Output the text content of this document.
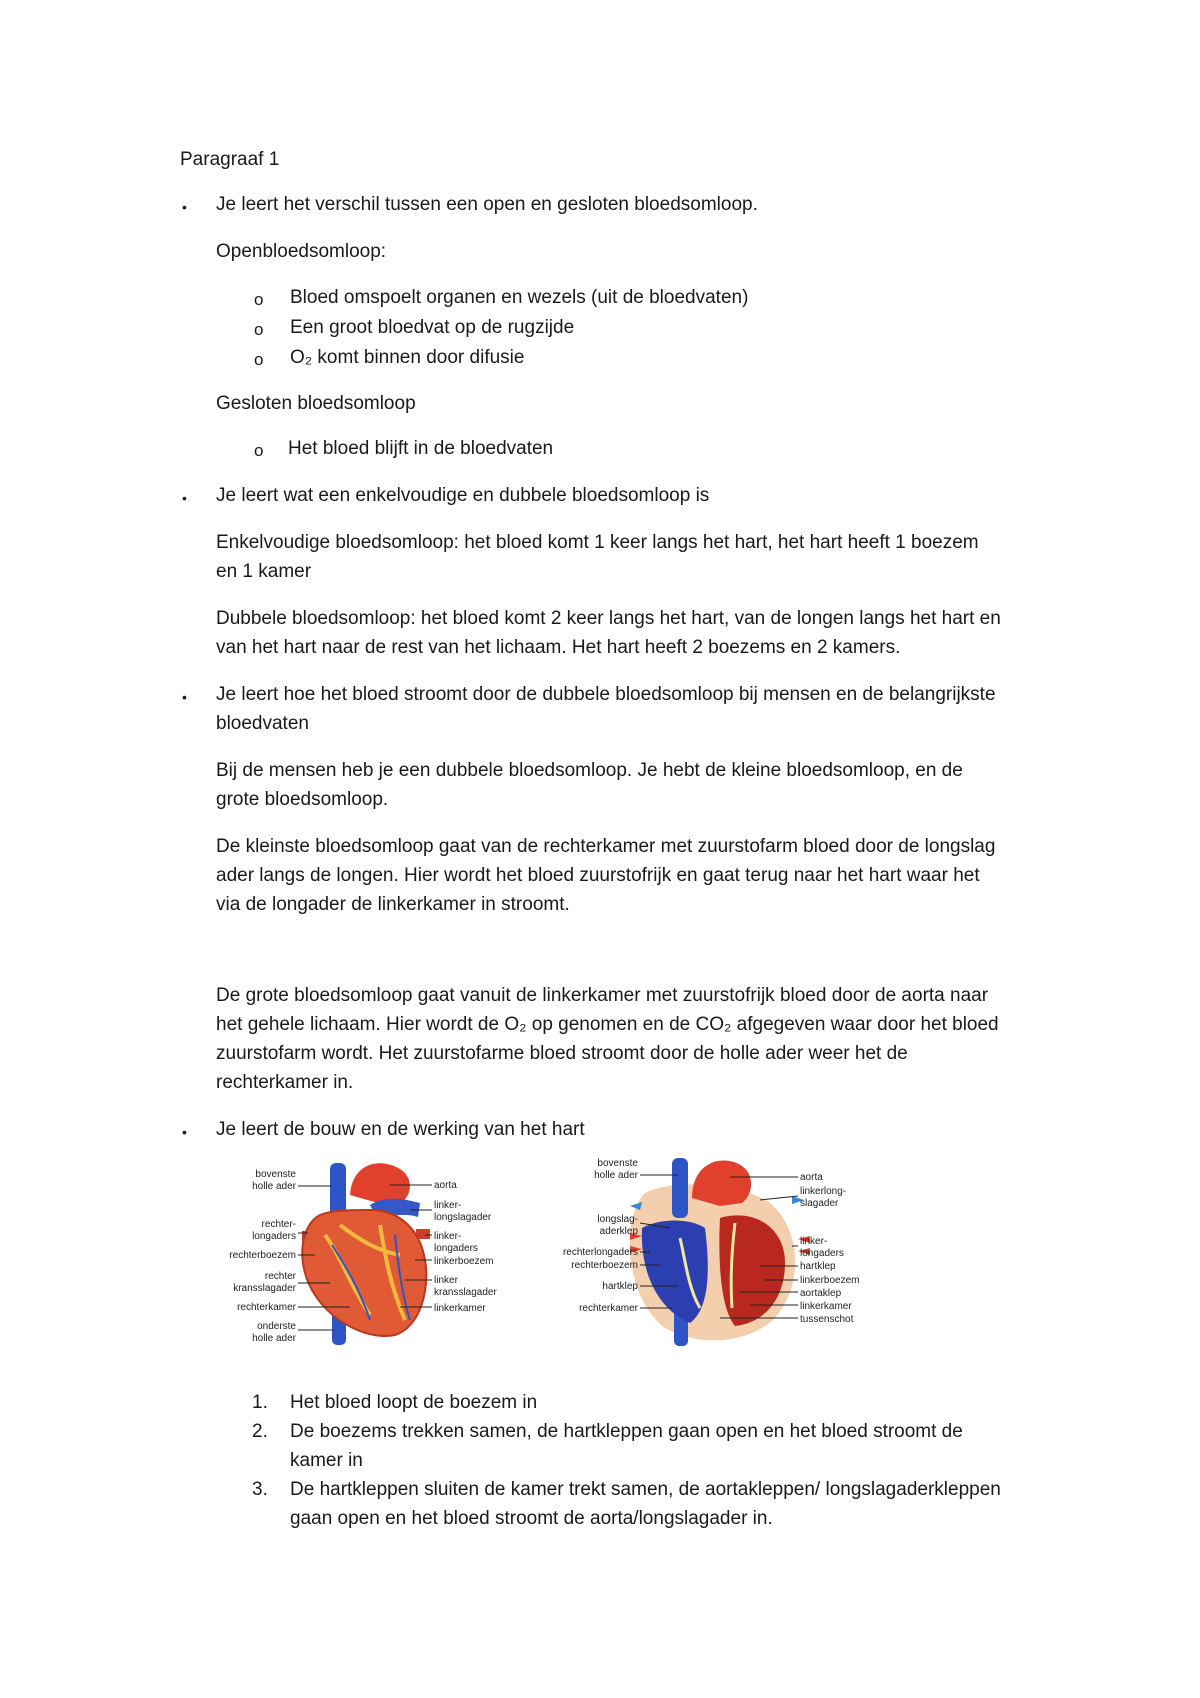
Paragraaf 1
• Je leert het verschil tussen een open en gesloten bloedsomloop.
Openbloedsomloop:
o Bloed omspoelt organen en wezels (uit de bloedvaten)
o Een groot bloedvat op de rugzijde
o O₂ komt binnen door difusie
Gesloten bloedsomloop
o Het bloed blijft in de bloedvaten
• Je leert wat een enkelvoudige en dubbele bloedsomloop is
Enkelvoudige bloedsomloop: het bloed komt 1 keer langs het hart, het hart heeft 1 boezem
en 1 kamer
Dubbele bloedsomloop: het bloed komt 2 keer langs het hart, van de longen langs het hart en
van het hart naar de rest van het lichaam. Het hart heeft 2 boezems en 2 kamers.
• Je leert hoe het bloed stroomt door de dubbele bloedsomloop bij mensen en de belangrijkste
bloedvaten
Bij de mensen heb je een dubbele bloedsomloop. Je hebt de kleine bloedsomloop, en de
grote bloedsomloop.
De kleinste bloedsomloop gaat van de rechterkamer met zuurstofarm bloed door de longslag
ader langs de longen. Hier wordt het bloed zuurstofrijk en gaat terug naar het hart waar het
via de longader de linkerkamer in stroomt.
De grote bloedsomloop gaat vanuit de linkerkamer met zuurstofrijk bloed door de aorta naar
het gehele lichaam. Hier wordt de O₂ op genomen en de CO₂ afgegeven waar door het bloed
zuurstofarm wordt. Het zuurstofarme bloed stroomt door de holle ader weer het de
rechterkamer in.
• Je leert de bouw en de werking van het hart
bovenste
holle ader
rechter-
longaders
rechterboezem
rechter
kransslagader
rechterkamer
onderste
holle ader
aorta
linker-
longslagader
linker-
longaders
linkerboezem
linker
kransslagader
linkerkamer
bovenste
holle ader
longslag-
aderklep
rechterlongaders
rechterboezem
hartklep
rechterkamer
aorta
linkerlong-
slagader
linker-
longaders
hartklep
linkerboezem
aortaklep
linkerkamer
tussenschot
1. Het bloed loopt de boezem in
2. De boezems trekken samen, de hartkleppen gaan open en het bloed stroomt de
kamer in
3. De hartkleppen sluiten de kamer trekt samen, de aortakleppen/ longslagaderkleppen
gaan open en het bloed stroomt de aorta/longslagader in.
